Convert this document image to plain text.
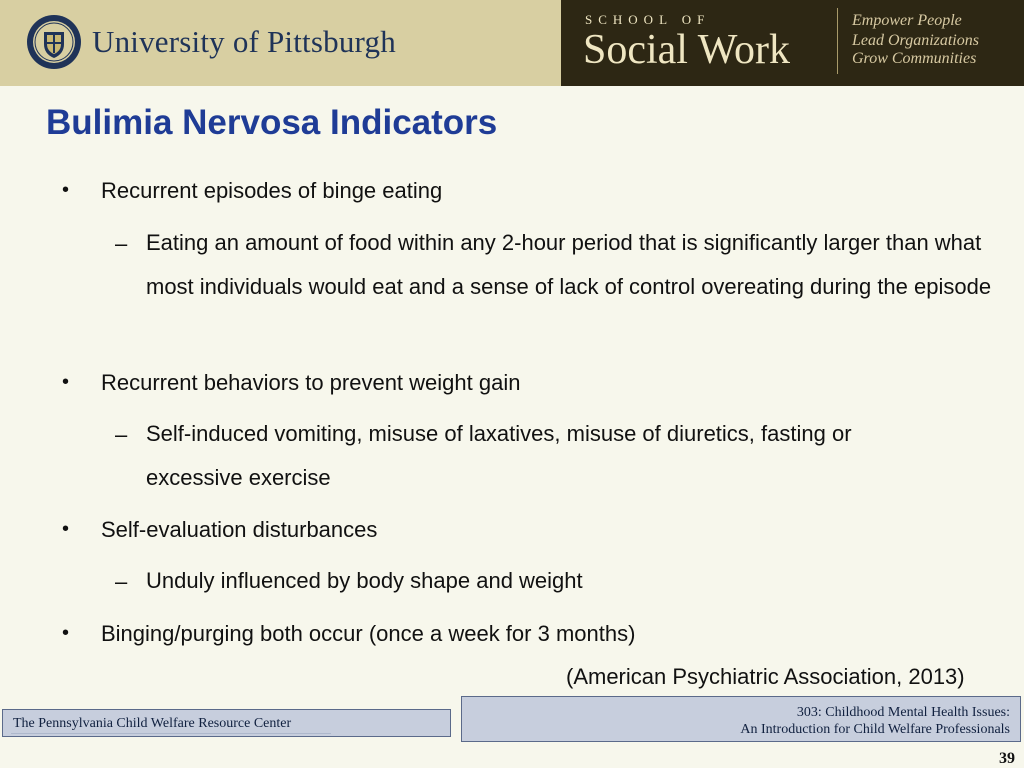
University of Pittsburgh
SCHOOL OF
Social Work
Empower People
Lead Organizations
Grow Communities
Bulimia Nervosa Indicators
• Recurrent episodes of binge eating
– Eating an amount of food within any 2-hour period that is significantly larger than what most individuals would eat and a sense of lack of control overeating during the episode
• Recurrent behaviors to prevent weight gain
– Self-induced vomiting, misuse of laxatives, misuse of diuretics, fasting or excessive exercise
• Self-evaluation disturbances
– Unduly influenced by body shape and weight
• Binging/purging both occur (once a week for 3 months)
(American Psychiatric Association, 2013)
The Pennsylvania Child Welfare Resource Center
303: Childhood Mental Health Issues:
An Introduction for Child Welfare Professionals
39
